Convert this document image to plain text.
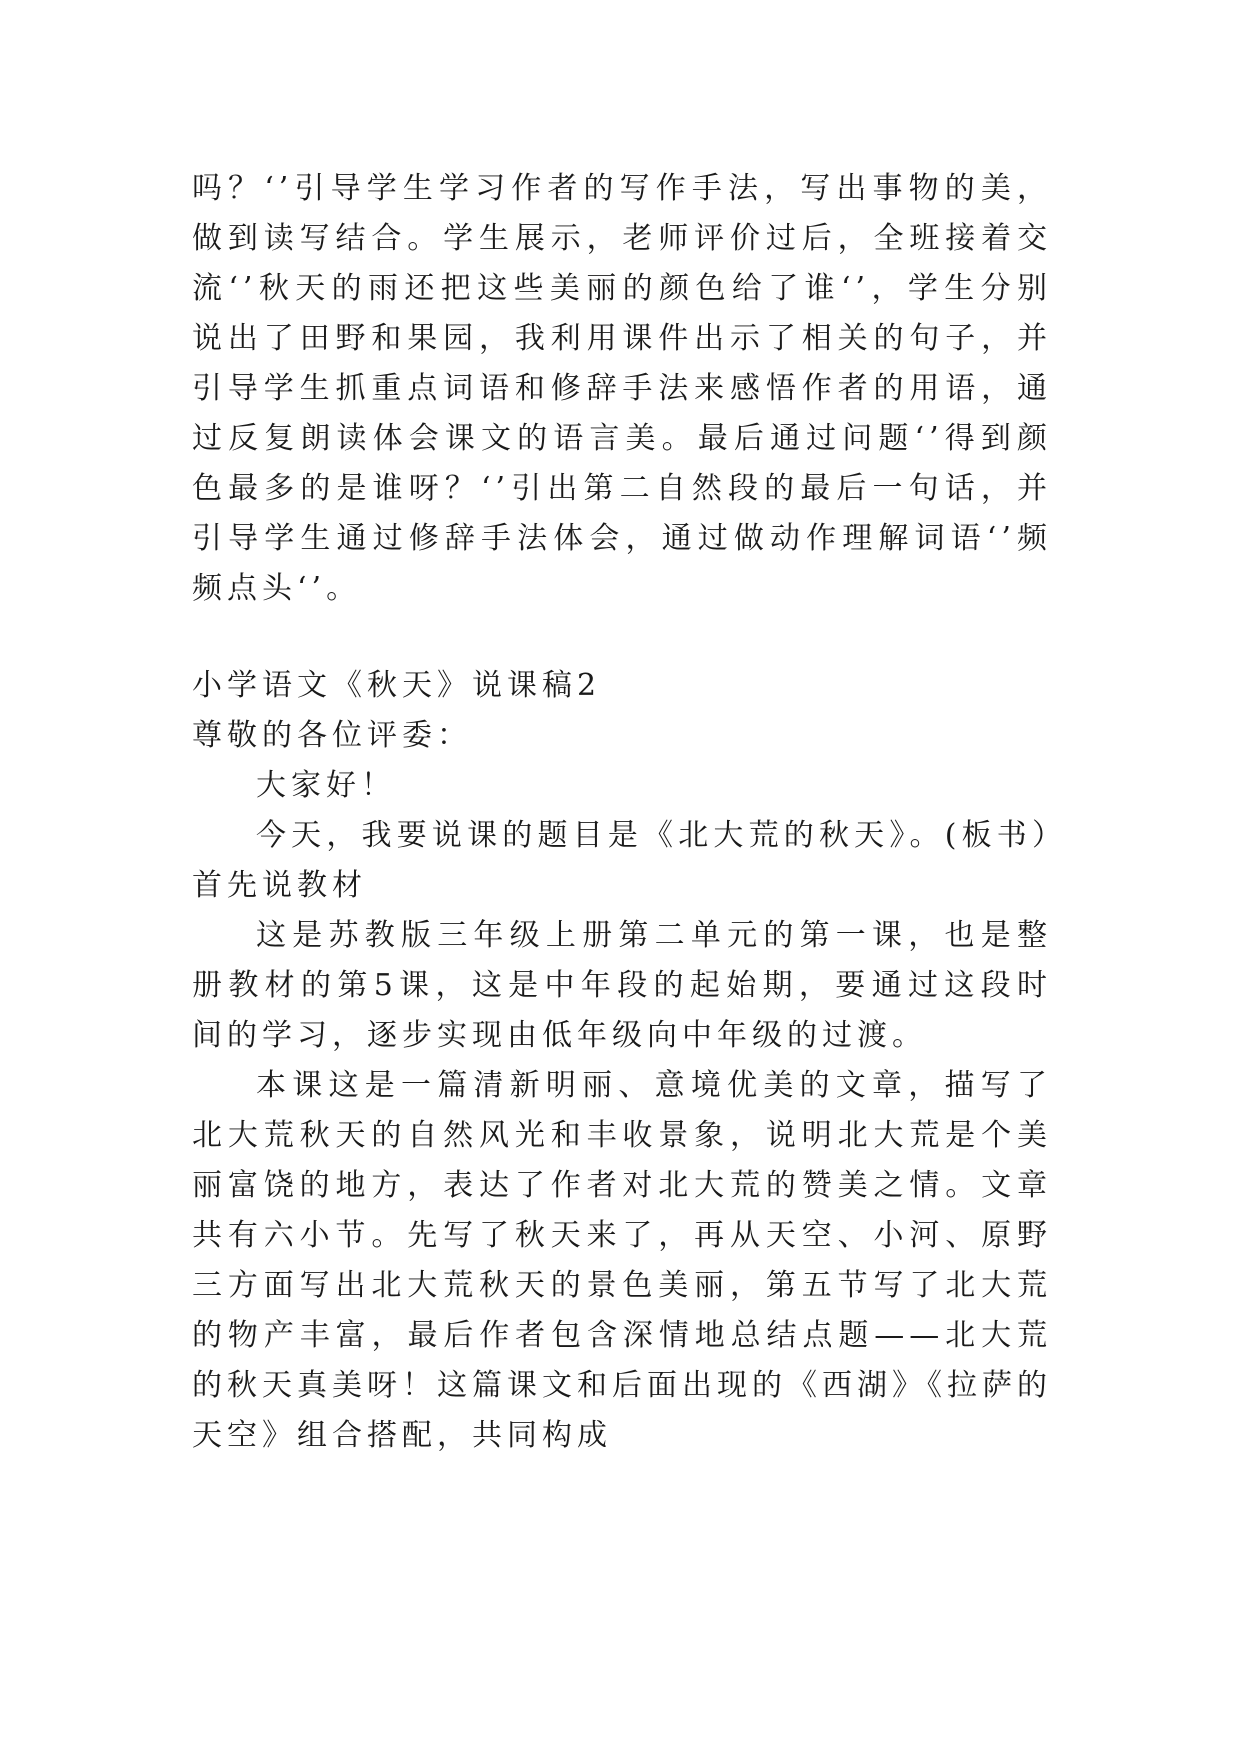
吗？‘’引导学生学习作者的写作手法，写出事物的美，做到读写结合。学生展示，老师评价过后，全班接着交流‘’秋天的雨还把这些美丽的颜色给了谁‘’，学生分别说出了田野和果园，我利用课件出示了相关的句子，并引导学生抓重点词语和修辞手法来感悟作者的用语，通过反复朗读体会课文的语言美。最后通过问题‘’得到颜色最多的是谁呀？‘’引出第二自然段的最后一句话，并引导学生通过修辞手法体会，通过做动作理解词语‘’频频点头‘’。

小学语文《秋天》说课稿2

尊敬的各位评委：

大家好！

今天，我要说课的题目是《北大荒的秋天》。(板书）首先说教材

这是苏教版三年级上册第二单元的第一课，也是整册教材的第5课，这是中年段的起始期，要通过这段时间的学习，逐步实现由低年级向中年级的过渡。

本课这是一篇清新明丽、意境优美的文章，描写了北大荒秋天的自然风光和丰收景象，说明北大荒是个美丽富饶的地方，表达了作者对北大荒的赞美之情。文章共有六小节。先写了秋天来了，再从天空、小河、原野三方面写出北大荒秋天的景色美丽，第五节写了北大荒的物产丰富，最后作者包含深情地总结点题——北大荒的秋天真美呀！这篇课文和后面出现的《西湖》《拉萨的天空》组合搭配，共同构成
